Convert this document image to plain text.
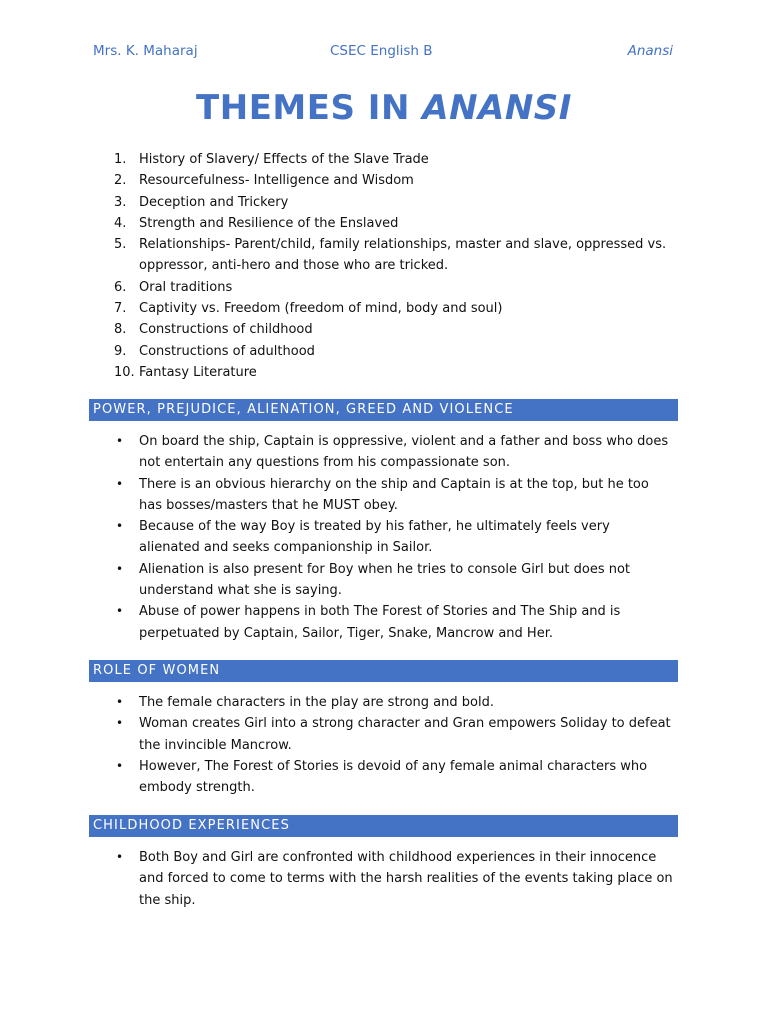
Mrs. K. Maharaj	CSEC English B	Anansi
THEMES IN ANANSI
1. History of Slavery/ Effects of the Slave Trade
2. Resourcefulness- Intelligence and Wisdom
3. Deception and Trickery
4. Strength and Resilience of the Enslaved
5. Relationships- Parent/child, family relationships, master and slave, oppressed vs. oppressor, anti-hero and those who are tricked.
6. Oral traditions
7. Captivity vs. Freedom (freedom of mind, body and soul)
8. Constructions of childhood
9. Constructions of adulthood
10. Fantasy Literature
POWER, PREJUDICE, ALIENATION, GREED AND VIOLENCE
• On board the ship, Captain is oppressive, violent and a father and boss who does not entertain any questions from his compassionate son.
• There is an obvious hierarchy on the ship and Captain is at the top, but he too has bosses/masters that he MUST obey.
• Because of the way Boy is treated by his father, he ultimately feels very alienated and seeks companionship in Sailor.
• Alienation is also present for Boy when he tries to console Girl but does not understand what she is saying.
• Abuse of power happens in both The Forest of Stories and The Ship and is perpetuated by Captain, Sailor, Tiger, Snake, Mancrow and Her.
ROLE OF WOMEN
• The female characters in the play are strong and bold.
• Woman creates Girl into a strong character and Gran empowers Soliday to defeat the invincible Mancrow.
• However, The Forest of Stories is devoid of any female animal characters who embody strength.
CHILDHOOD EXPERIENCES
• Both Boy and Girl are confronted with childhood experiences in their innocence and forced to come to terms with the harsh realities of the events taking place on the ship.
